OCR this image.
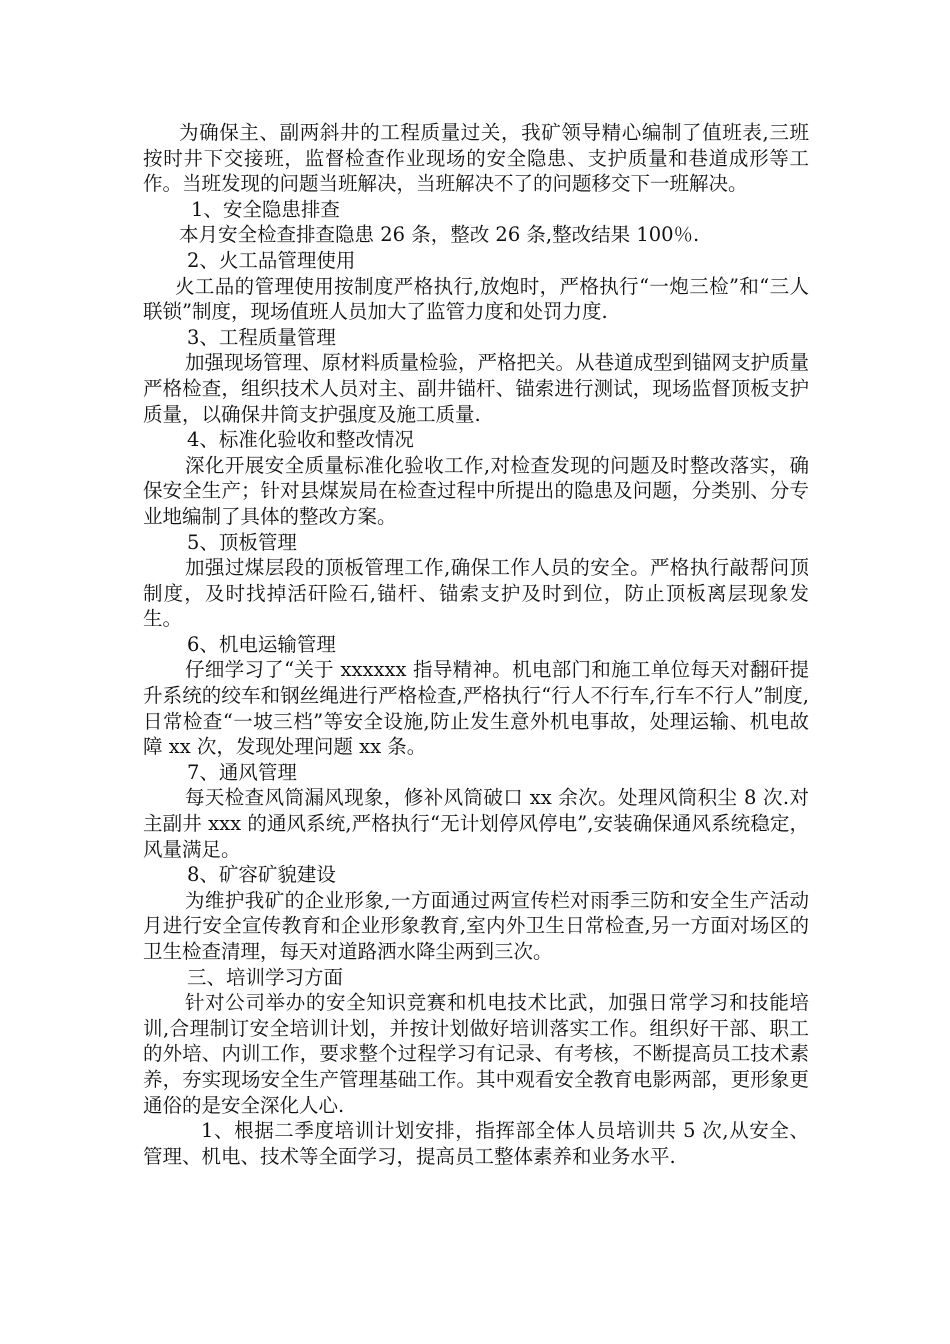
为确保主、副两斜井的工程质量过关，我矿领导精心编制了值班表,三班按时井下交接班，监督检查作业现场的安全隐患、支护质量和巷道成形等工作。当班发现的问题当班解决，当班解决不了的问题移交下一班解决。

1、安全隐患排查

本月安全检查排查隐患 26 条，整改 26 条,整改结果 100％.

2、火工品管理使用

火工品的管理使用按制度严格执行,放炮时，严格执行“一炮三检”和“三人联锁”制度，现场值班人员加大了监管力度和处罚力度.

3、工程质量管理

加强现场管理、原材料质量检验，严格把关。从巷道成型到锚网支护质量严格检查，组织技术人员对主、副井锚杆、锚索进行测试，现场监督顶板支护质量，以确保井筒支护强度及施工质量.

4、标准化验收和整改情况

深化开展安全质量标准化验收工作,对检查发现的问题及时整改落实，确保安全生产；针对县煤炭局在检查过程中所提出的隐患及问题，分类别、分专业地编制了具体的整改方案。

5、顶板管理

加强过煤层段的顶板管理工作,确保工作人员的安全。严格执行敲帮问顶制度，及时找掉活矸险石,锚杆、锚索支护及时到位，防止顶板离层现象发生。

6、机电运输管理

仔细学习了“关于 xxxxxx 指导精神。机电部门和施工单位每天对翻矸提升系统的绞车和钢丝绳进行严格检查,严格执行“行人不行车,行车不行人”制度,日常检查“一坡三档”等安全设施,防止发生意外机电事故，处理运输、机电故障 xx 次，发现处理问题 xx 条。

7、通风管理

每天检查风筒漏风现象，修补风筒破口 xx 余次。处理风筒积尘 8 次.对主副井 xxx 的通风系统,严格执行“无计划停风停电”,安装确保通风系统稳定，风量满足。

8、矿容矿貌建设

为维护我矿的企业形象,一方面通过两宣传栏对雨季三防和安全生产活动月进行安全宣传教育和企业形象教育,室内外卫生日常检查,另一方面对场区的卫生检查清理，每天对道路洒水降尘两到三次。

三、培训学习方面

针对公司举办的安全知识竞赛和机电技术比武，加强日常学习和技能培训,合理制订安全培训计划，并按计划做好培训落实工作。组织好干部、职工的外培、内训工作，要求整个过程学习有记录、有考核，不断提高员工技术素养，夯实现场安全生产管理基础工作。其中观看安全教育电影两部，更形象更通俗的是安全深化人心.

1、根据二季度培训计划安排，指挥部全体人员培训共 5 次,从安全、管理、机电、技术等全面学习，提高员工整体素养和业务水平.
